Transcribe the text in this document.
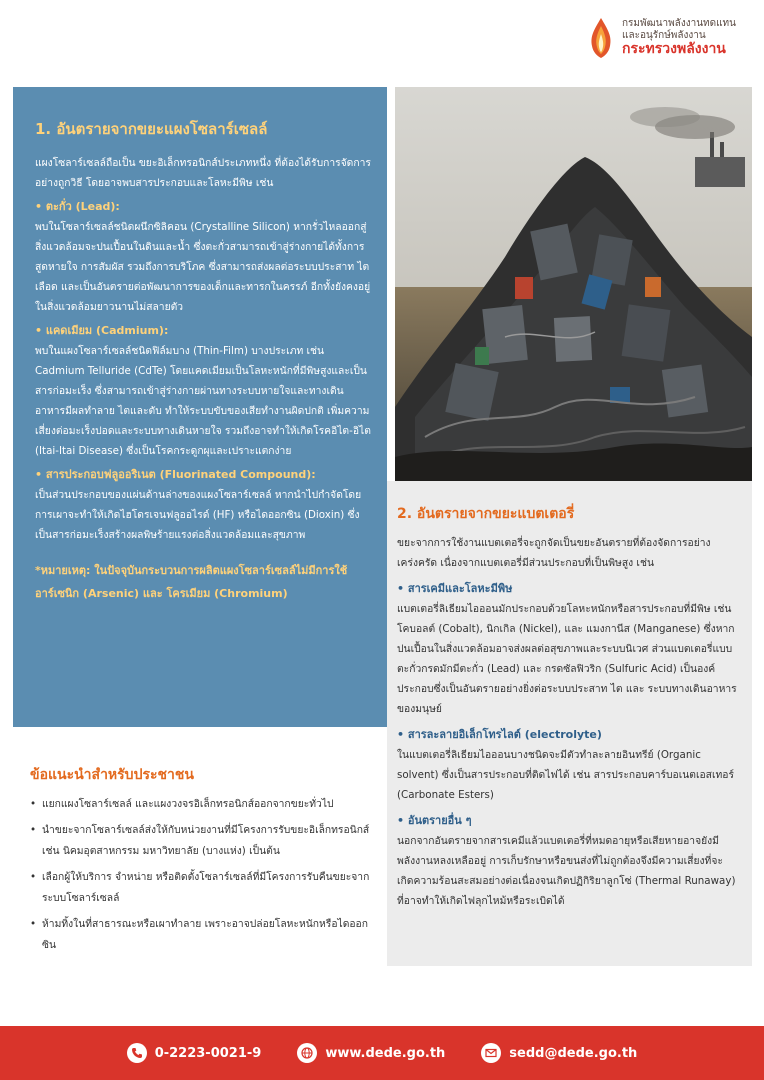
กรมพัฒนาพลังงานทดแทน
และอนุรักษ์พลังงาน
กระทรวงพลังงาน
1. อันตรายจากขยะแผงโซลาร์เซลล์

แผงโซลาร์เซลล์ถือเป็น ขยะอิเล็กทรอนิกส์ประเภทหนึ่ง ที่ต้องได้รับการจัดการอย่างถูกวิธี โดยอาจพบสารประกอบและโลหะมีพิษ เช่น

• ตะกั่ว (Lead):

พบในโซลาร์เซลล์ชนิดผนึกซิลิคอน (Crystalline Silicon) หากรั่วไหลออกสู่สิ่งแวดล้อมจะปนเปื้อนในดินและน้ำ ซึ่งตะกั่วสามารถเข้าสู่ร่างกายได้ทั้งการสูดหายใจ การสัมผัส รวมถึงการบริโภค ซึ่งสามารถส่งผลต่อระบบประสาท ไต เลือด และเป็นอันตรายต่อพัฒนาการของเด็กและทารกในครรภ์ อีกทั้งยังคงอยู่ในสิ่งแวดล้อมยาวนานไม่สลายตัว

• แคดเมียม (Cadmium):

พบในแผงโซลาร์เซลล์ชนิดฟิล์มบาง (Thin-Film) บางประเภท เช่น Cadmium Telluride (CdTe) โดยแคดเมียมเป็นโลหะหนักที่มีพิษสูงและเป็นสารก่อมะเร็ง ซึ่งสามารถเข้าสู่ร่างกายผ่านทางระบบหายใจและทางเดินอาหารมีผลทำลาย ไตและตับ ทำให้ระบบขับของเสียทำงานผิดปกติ เพิ่มความเสี่ยงต่อมะเร็งปอดและระบบทางเดินหายใจ รวมถึงอาจทำให้เกิดโรคอิไต-อิไต (Itai-Itai Disease) ซึ่งเป็นโรคกระดูกผุและเปราะแตกง่าย

• สารประกอบฟลูออริเนต (Fluorinated Compound):

เป็นส่วนประกอบของแผ่นด้านล่างของแผงโซลาร์เซลล์ หากนำไปกำจัดโดยการเผาจะทำให้เกิดไฮโดรเจนฟลูออไรด์ (HF) หรือไดออกซิน (Dioxin) ซึ่งเป็นสารก่อมะเร็งสร้างผลพิษร้ายแรงต่อสิ่งแวดล้อมและสุขภาพ

*หมายเหตุ: ในปัจจุบันกระบวนการผลิตแผงโซลาร์เซลล์ไม่มีการใช้อาร์เซนิก (Arsenic) และ โครเมียม (Chromium)
2. อันตรายจากขยะแบตเตอรี่

ขยะจากการใช้งานแบตเตอรี่จะถูกจัดเป็นขยะอันตรายที่ต้องจัดการอย่างเคร่งครัด เนื่องจากแบตเตอรี่มีส่วนประกอบที่เป็นพิษสูง เช่น

• สารเคมีและโลหะมีพิษ

แบตเตอรี่ลิเธียมไอออนมักประกอบด้วยโลหะหนักหรือสารประกอบที่มีพิษ เช่น โคบอลต์ (Cobalt), นิกเกิล (Nickel), และ แมงกานีส (Manganese) ซึ่งหากปนเปื้อนในสิ่งแวดล้อมอาจส่งผลต่อสุขภาพและระบบนิเวศ ส่วนแบตเตอรี่แบบตะกั่วกรดมักมีตะกั่ว (Lead) และ กรดซัลฟิวริก (Sulfuric Acid) เป็นองค์ประกอบซึ่งเป็นอันตรายอย่างยิ่งต่อระบบประสาท ไต และ ระบบทางเดินอาหารของมนุษย์

• สารละลายอิเล็กโทรไลต์ (electrolyte)

ในแบตเตอรี่ลิเธียมไอออนบางชนิดจะมีตัวทำละลายอินทรีย์ (Organic solvent) ซึ่งเป็นสารประกอบที่ติดไฟได้ เช่น สารประกอบคาร์บอเนตเอสเทอร์ (Carbonate Esters)

• อันตรายอื่น ๆ

นอกจากอันตรายจากสารเคมีแล้วแบตเตอรี่ที่หมดอายุหรือเสียหายอาจยังมีพลังงานหลงเหลืออยู่ การเก็บรักษาหรือขนส่งที่ไม่ถูกต้องจึงมีความเสี่ยงที่จะเกิดความร้อนสะสมอย่างต่อเนื่องจนเกิดปฏิกิริยาลูกโซ่ (Thermal Runaway) ที่อาจทำให้เกิดไฟลุกไหม้หรือระเบิดได้

ข้อแนะนำสำหรับประชาชน
• แยกแผงโซลาร์เซลล์ และแผงวงจรอิเล็กทรอนิกส์ออกจากขยะทั่วไป
• นำขยะจากโซลาร์เซลล์ส่งให้กับหน่วยงานที่มีโครงการรับขยะอิเล็กทรอนิกส์ เช่น นิคมอุตสาหกรรม มหาวิทยาลัย (บางแห่ง) เป็นต้น
• เลือกผู้ให้บริการ จำหน่าย หรือติดตั้งโซลาร์เซลล์ที่มีโครงการรับคืนขยะจากระบบโซลาร์เซลล์
• ห้ามทิ้งในที่สาธารณะหรือเผาทำลาย เพราะอาจปล่อยโลหะหนักหรือไดออกซิน
0-2223-0021-9	www.dede.go.th	sedd@dede.go.th
